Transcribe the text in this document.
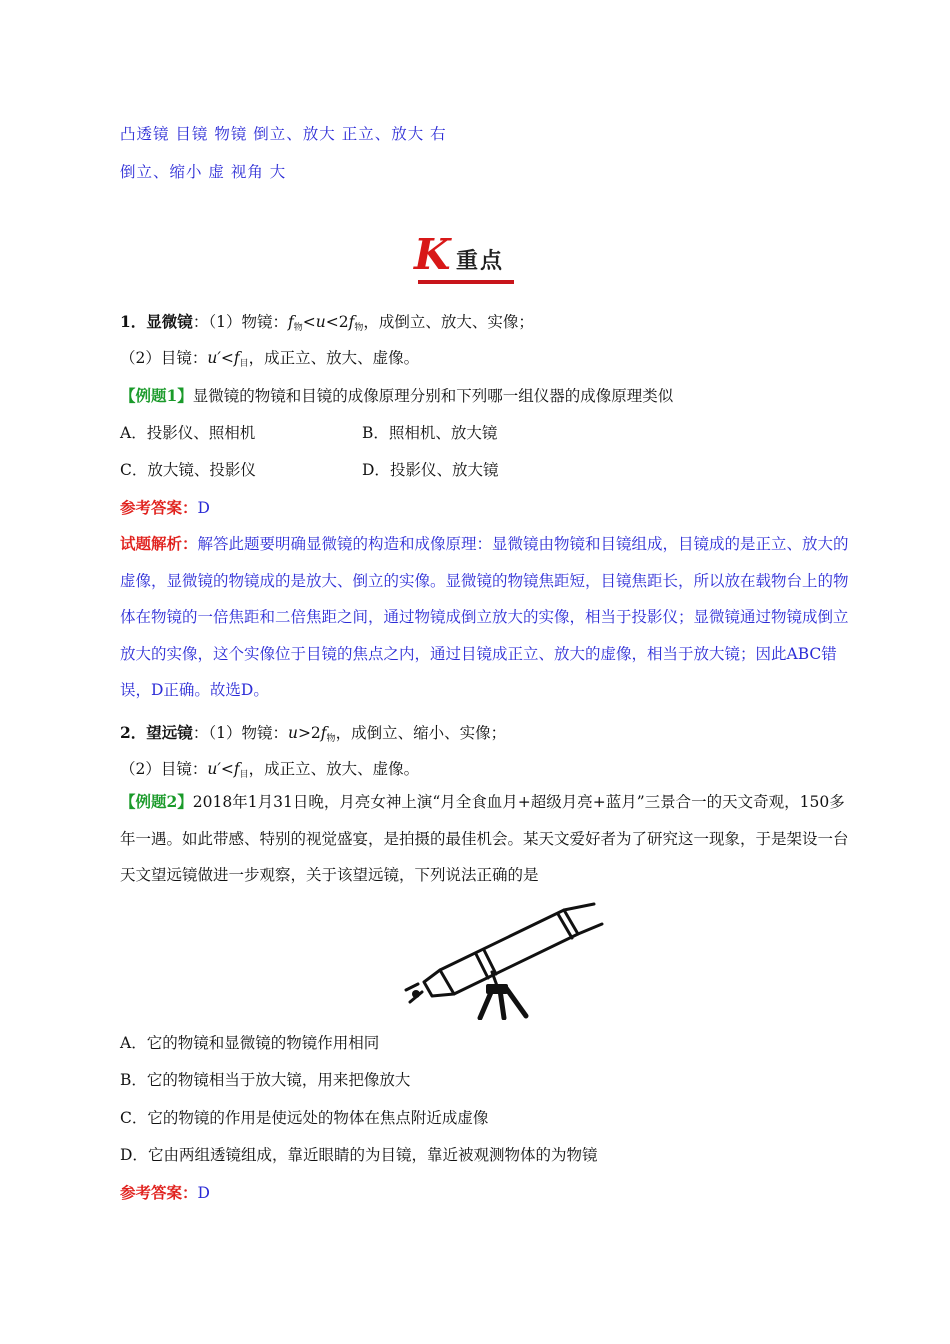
凸透镜 目镜 物镜 倒立、放大 正立、放大 右
倒立、缩小 虚 视角 大
K 重点
1．显微镜：（1）物镜：$f_物<u<2f_物$，成倒立、放大、实像；
（2）目镜：$u'<f_目$，成正立、放大、虚像。
【例题1】显微镜的物镜和目镜的成像原理分别和下列哪一组仪器的成像原理类似
A．投影仪、照相机	B．照相机、放大镜
C．放大镜、投影仪	D．投影仪、放大镜
参考答案：D
试题解析：解答此题要明确显微镜的构造和成像原理：显微镜由物镜和目镜组成，目镜成的是正立、放大的虚像，显微镜的物镜成的是放大、倒立的实像。显微镜的物镜焦距短，目镜焦距长，所以放在载物台上的物体在物镜的一倍焦距和二倍焦距之间，通过物镜成倒立放大的实像，相当于投影仪；显微镜通过物镜成倒立放大的实像，这个实像位于目镜的焦点之内，通过目镜成正立、放大的虚像，相当于放大镜；因此ABC错误，D正确。故选D。
2．望远镜：（1）物镜：$u>2f_物$，成倒立、缩小、实像；
（2）目镜：$u'<f_目$，成正立、放大、虚像。
【例题2】2018年1月31日晚，月亮女神上演“月全食血月+超级月亮+蓝月”三景合一的天文奇观，150多年一遇。如此带感、特别的视觉盛宴，是拍摄的最佳机会。某天文爱好者为了研究这一现象，于是架设一台天文望远镜做进一步观察，关于该望远镜，下列说法正确的是
A．它的物镜和显微镜的物镜作用相同
B．它的物镜相当于放大镜，用来把像放大
C．它的物镜的作用是使远处的物体在焦点附近成虚像
D．它由两组透镜组成，靠近眼睛的为目镜，靠近被观测物体的为物镜
参考答案：D
